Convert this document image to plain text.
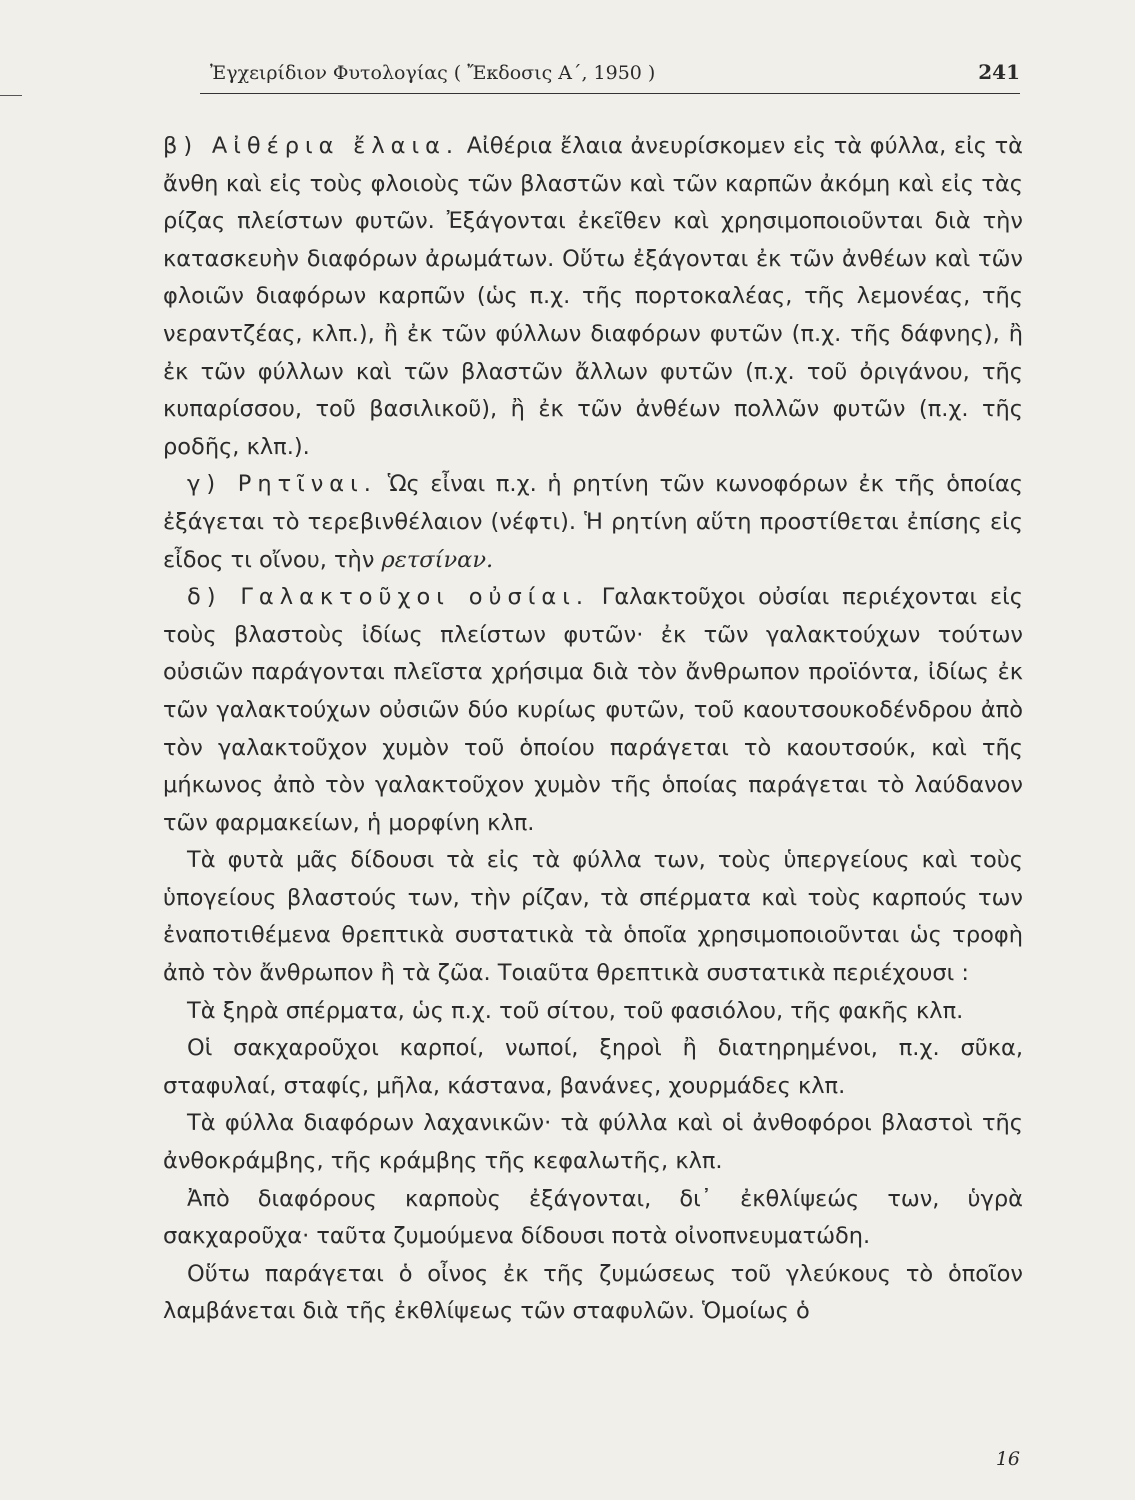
Ἐγχειρίδιον Φυτολογίας ( Ἔκδοσις Α΄, 1950 )	241

β) Αἰθέρια ἔλαια. Αἰθέρια ἔλαια ἀνευρίσκομεν εἰς τὰ φύλλα, εἰς τὰ ἄνθη καὶ εἰς τοὺς φλοιοὺς τῶν βλαστῶν καὶ τῶν καρπῶν ἀκόμη καὶ εἰς τὰς ρίζας πλείστων φυτῶν. Ἐξάγονται ἐκεῖθεν καὶ χρησιμοποιοῦνται διὰ τὴν κατασκευὴν διαφόρων ἀρωμάτων. Οὕτω ἐξάγονται ἐκ τῶν ἀνθέων καὶ τῶν φλοιῶν διαφόρων καρπῶν (ὡς π.χ. τῆς πορτοκαλέας, τῆς λεμονέας, τῆς νεραντζέας, κλπ.), ἢ ἐκ τῶν φύλλων διαφόρων φυτῶν (π.χ. τῆς δάφνης), ἢ ἐκ τῶν φύλλων καὶ τῶν βλαστῶν ἄλλων φυτῶν (π.χ. τοῦ ὀριγάνου, τῆς κυπαρίσσου, τοῦ βασιλικοῦ), ἢ ἐκ τῶν ἀνθέων πολλῶν φυτῶν (π.χ. τῆς ροδῆς, κλπ.).

γ) Ρητῖναι. Ὡς εἶναι π.χ. ἡ ρητίνη τῶν κωνοφόρων ἐκ τῆς ὁποίας ἐξάγεται τὸ τερεβινθέλαιον (νέφτι). Ἡ ρητίνη αὕτη προστίθεται ἐπίσης εἰς εἶδος τι οἴνου, τὴν ρετσίναν.

δ) Γαλακτοῦχοι οὐσίαι. Γαλακτοῦχοι οὐσίαι περιέχονται εἰς τοὺς βλαστοὺς ἰδίως πλείστων φυτῶν· ἐκ τῶν γαλακτούχων τούτων οὐσιῶν παράγονται πλεῖστα χρήσιμα διὰ τὸν ἄνθρωπον προϊόντα, ἰδίως ἐκ τῶν γαλακτούχων οὐσιῶν δύο κυρίως φυτῶν, τοῦ καουτσουκοδένδρου ἀπὸ τὸν γαλακτοῦχον χυμὸν τοῦ ὁποίου παράγεται τὸ καουτσούκ, καὶ τῆς μήκωνος ἀπὸ τὸν γαλακτοῦχον χυμὸν τῆς ὁποίας παράγεται τὸ λαύδανον τῶν φαρμακείων, ἡ μορφίνη κλπ.

Τὰ φυτὰ μᾶς δίδουσι τὰ εἰς τὰ φύλλα των, τοὺς ὑπεργείους καὶ τοὺς ὑπογείους βλαστούς των, τὴν ρίζαν, τὰ σπέρματα καὶ τοὺς καρπούς των ἐναποτιθέμενα θρεπτικὰ συστατικὰ τὰ ὁποῖα χρησιμοποιοῦνται ὡς τροφὴ ἀπὸ τὸν ἄνθρωπον ἢ τὰ ζῶα. Τοιαῦτα θρεπτικὰ συστατικὰ περιέχουσι :

Τὰ ξηρὰ σπέρματα, ὡς π.χ. τοῦ σίτου, τοῦ φασιόλου, τῆς φακῆς κλπ.

Οἱ σακχαροῦχοι καρποί, νωποί, ξηροὶ ἢ διατηρημένοι, π.χ. σῦκα, σταφυλαί, σταφίς, μῆλα, κάστανα, βανάνες, χουρμάδες κλπ.

Τὰ φύλλα διαφόρων λαχανικῶν· τὰ φύλλα καὶ οἱ ἀνθοφόροι βλαστοὶ τῆς ἀνθοκράμβης, τῆς κράμβης τῆς κεφαλωτῆς, κλπ.

Ἀπὸ διαφόρους καρποὺς ἐξάγονται, δι᾿ ἐκθλίψεώς των, ὑγρὰ σακχαροῦχα· ταῦτα ζυμούμενα δίδουσι ποτὰ οἰνοπνευματώδη.

Οὕτω παράγεται ὁ οἶνος ἐκ τῆς ζυμώσεως τοῦ γλεύκους τὸ ὁποῖον λαμβάνεται διὰ τῆς ἐκθλίψεως τῶν σταφυλῶν. Ὁμοίως ὁ

16
